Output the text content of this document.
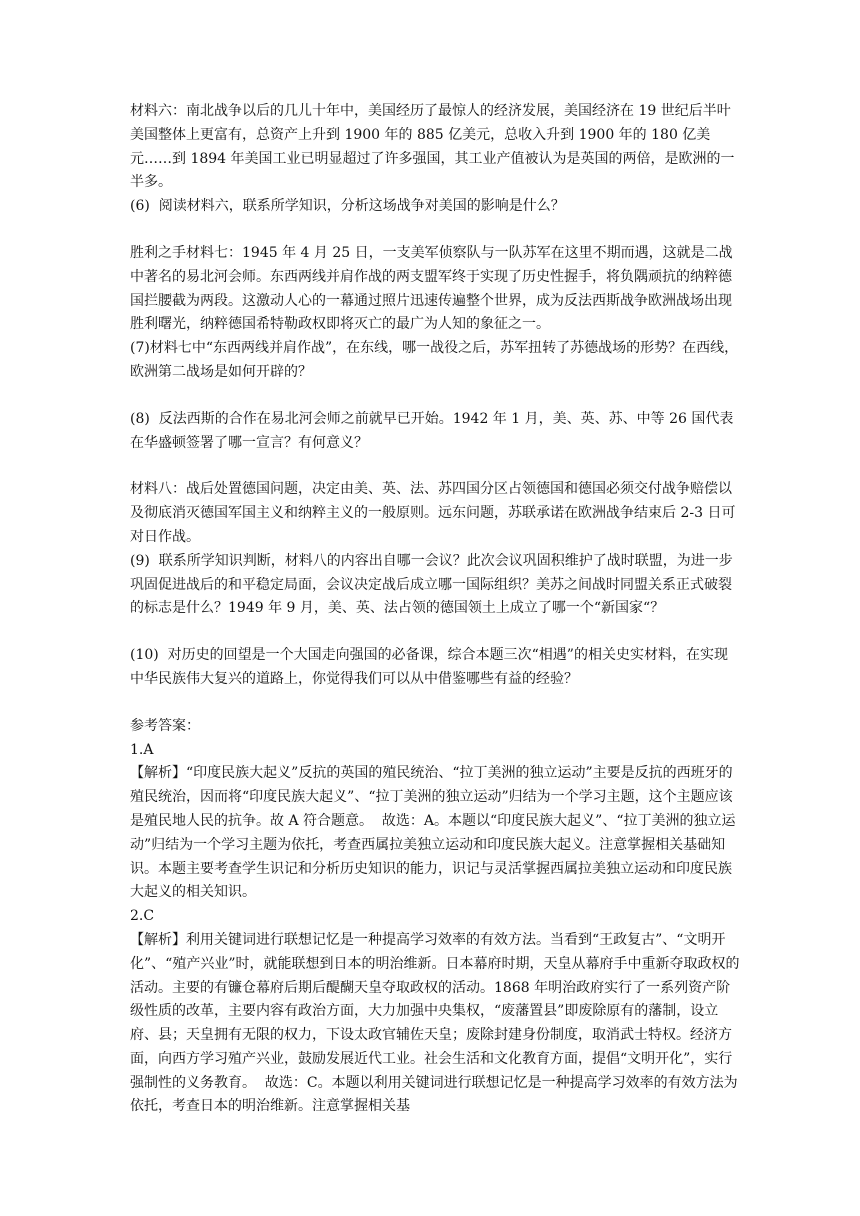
材料六：南北战争以后的几儿十年中，美国经历了最惊人的经济发展，美国经济在 19 世纪后半叶美国整体上更富有，总资产上升到 1900 年的 885 亿美元，总收入升到 1900 年的 180 亿美元……到 1894 年美国工业已明显超过了许多强国，其工业产值被认为是英国的两倍，是欧洲的一半多。

(6)  阅读材料六，联系所学知识，分析这场战争对美国的影响是什么？

胜利之手材料七：1945 年 4 月 25 日，一支美军侦察队与一队苏军在这里不期而遇，这就是二战中著名的易北河会师。东西两线并肩作战的两支盟军终于实现了历史性握手，将负隅顽抗的纳粹德国拦腰截为两段。这激动人心的一幕通过照片迅速传遍整个世界，成为反法西斯战争欧洲战场出现胜利曙光，纳粹德国希特勒政权即将灭亡的最广为人知的象征之一。

(7)材料七中“东西两线并肩作战”，在东线，哪一战役之后，苏军扭转了苏德战场的形势？在西线，欧洲第二战场是如何开辟的？

(8)  反法西斯的合作在易北河会师之前就早已开始。1942 年 1 月，美、英、苏、中等 26 国代表在华盛顿签署了哪一宣言？有何意义？

材料八：战后处置德国问题，决定由美、英、法、苏四国分区占领德国和德国必须交付战争赔偿以及彻底消灭德国军国主义和纳粹主义的一般原则。远东问题，苏联承诺在欧洲战争结束后 2-3 日可对日作战。

(9)  联系所学知识判断，材料八的内容出自哪一会议？此次会议巩固积维护了战时联盟，为进一步巩固促进战后的和平稳定局面，会议决定战后成立哪一国际组织？美苏之间战时同盟关系正式破裂的标志是什么？1949 年 9 月，美、英、法占领的德国领土上成立了哪一个“新国家“？

(10)  对历史的回望是一个大国走向强国的必备课，综合本题三次“相遇”的相关史实材料，在实现中华民族伟大复兴的道路上，你觉得我们可以从中借鉴哪些有益的经验？

参考答案：

1.A

【解析】“印度民族大起义”反抗的英国的殖民统治、“拉丁美洲的独立运动”主要是反抗的西班牙的殖民统治，因而将“印度民族大起义”、“拉丁美洲的独立运动”归结为一个学习主题，这个主题应该是殖民地人民的抗争。故 A 符合题意。  故选：A。本题以“印度民族大起义”、“拉丁美洲的独立运动”归结为一个学习主题为依托，考查西属拉美独立运动和印度民族大起义。注意掌握相关基础知识。本题主要考查学生识记和分析历史知识的能力，识记与灵活掌握西属拉美独立运动和印度民族大起义的相关知识。

2.C

【解析】利用关键词进行联想记忆是一种提高学习效率的有效方法。当看到“王政复古”、“文明开化”、“殖产兴业”时，就能联想到日本的明治维新。日本幕府时期，天皇从幕府手中重新夺取政权的活动。主要的有镰仓幕府后期后醍醐天皇夺取政权的活动。1868 年明治政府实行了一系列资产阶级性质的改革，主要内容有政治方面，大力加强中央集权，“废藩置县”即废除原有的藩制，设立府、县；天皇拥有无限的权力，下设太政官辅佐天皇；废除封建身份制度，取消武士特权。经济方面，向西方学习殖产兴业，鼓励发展近代工业。社会生活和文化教育方面，提倡“文明开化”，实行强制性的义务教育。  故选：C。本题以利用关键词进行联想记忆是一种提高学习效率的有效方法为依托，考查日本的明治维新。注意掌握相关基
